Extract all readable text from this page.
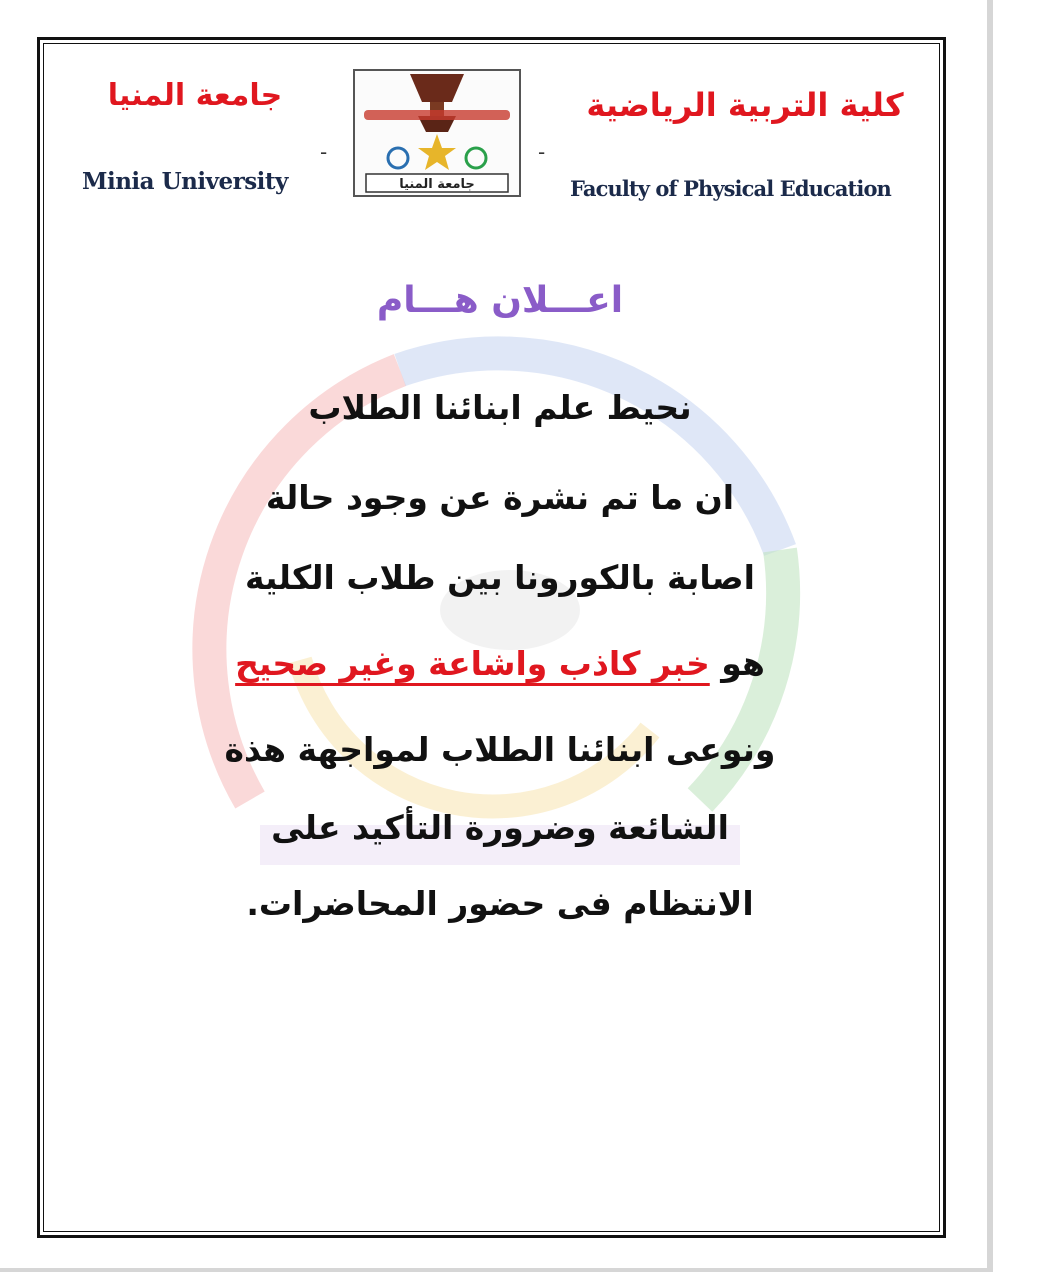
جامعة المنيا	كلية التربية الرياضية
Minia University	Faculty of Physical Education
-	-
جامعة المنيا
اعـــلان هـــام
نحيط علم ابنائنا الطلاب
ان ما تم نشرة عن وجود حالة
اصابة بالكورونا بين طلاب الكلية
هو خبر كاذب واشاعة وغير صحيح
ونوعى ابنائنا الطلاب لمواجهة هذة
الشائعة وضرورة التأكيد على
الانتظام فى حضور المحاضرات.
